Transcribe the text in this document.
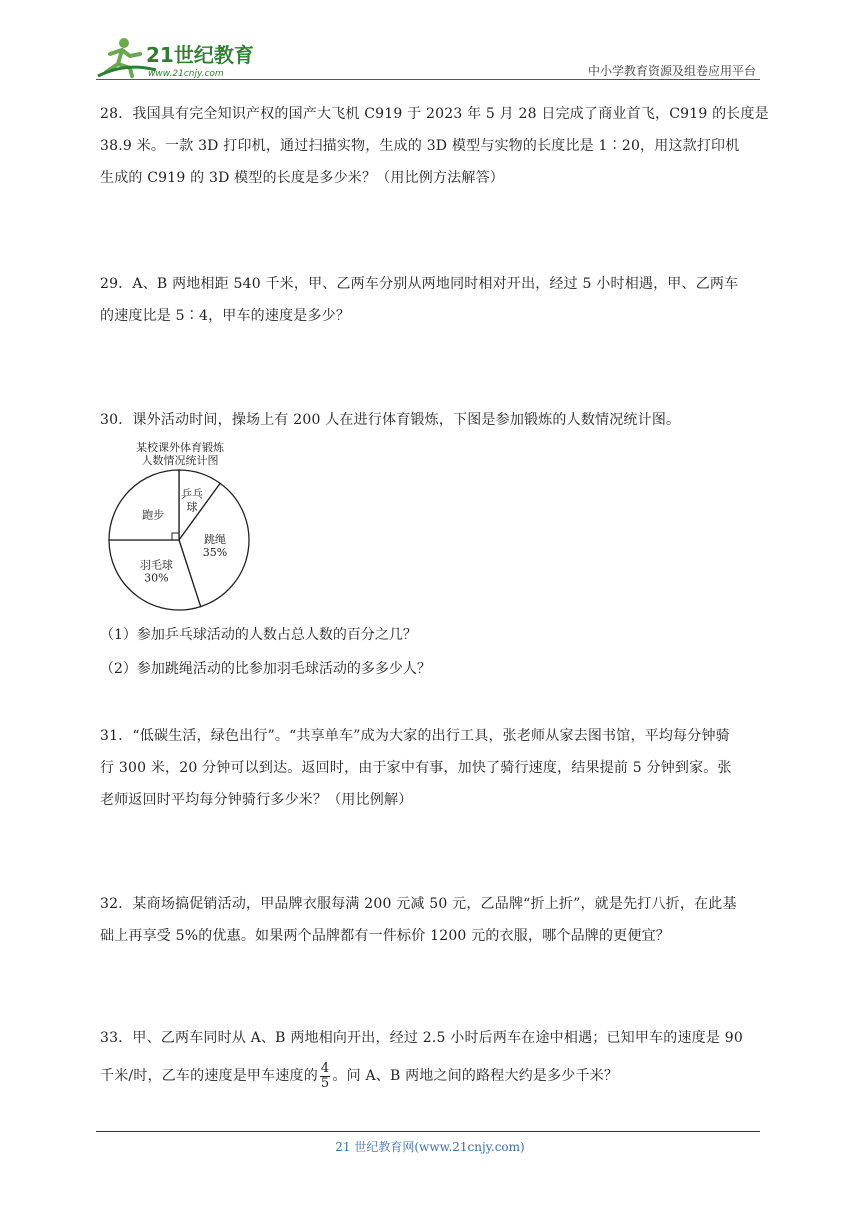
21世纪教育
www.21cnjy.com	中小学教育资源及组卷应用平台

28．我国具有完全知识产权的国产大飞机 C919 于 2023 年 5 月 28 日完成了商业首飞，C919 的长度是

38.9 米。一款 3D 打印机，通过扫描实物，生成的 3D 模型与实物的长度比是 1∶20，用这款打印机

生成的 C919 的 3D 模型的长度是多少米？（用比例方法解答）

29．A、B 两地相距 540 千米，甲、乙两车分别从两地同时相对开出，经过 5 小时相遇，甲、乙两车

的速度比是 5∶4，甲车的速度是多少？

30．课外活动时间，操场上有 200 人在进行体育锻炼，下图是参加锻炼的人数情况统计图。

某校课外体育锻炼
人数情况统计图
乒乓
球
跳绳
35%
羽毛球
30%
跑步
（1）参加乒乓球活动的人数占总人数的百分之几？
（2）参加跳绳活动的比参加羽毛球活动的多多少人？

31．“低碳生活，绿色出行”。“共享单车”成为大家的出行工具，张老师从家去图书馆，平均每分钟骑

行 300 米，20 分钟可以到达。返回时，由于家中有事，加快了骑行速度，结果提前 5 分钟到家。张

老师返回时平均每分钟骑行多少米？（用比例解）

32．某商场搞促销活动，甲品牌衣服每满 200 元减 50 元，乙品牌“折上折”，就是先打八折，在此基

础上再享受 5%的优惠。如果两个品牌都有一件标价 1200 元的衣服，哪个品牌的更便宜？

33．甲、乙两车同时从 A、B 两地相向开出，经过 2.5 小时后两车在途中相遇；已知甲车的速度是 90

千米/时，乙车的速度是甲车速度的 $\frac{4}{5}$ 。问 A、B 两地之间的路程大约是多少千米？

21 世纪教育网(www.21cnjy.com)
